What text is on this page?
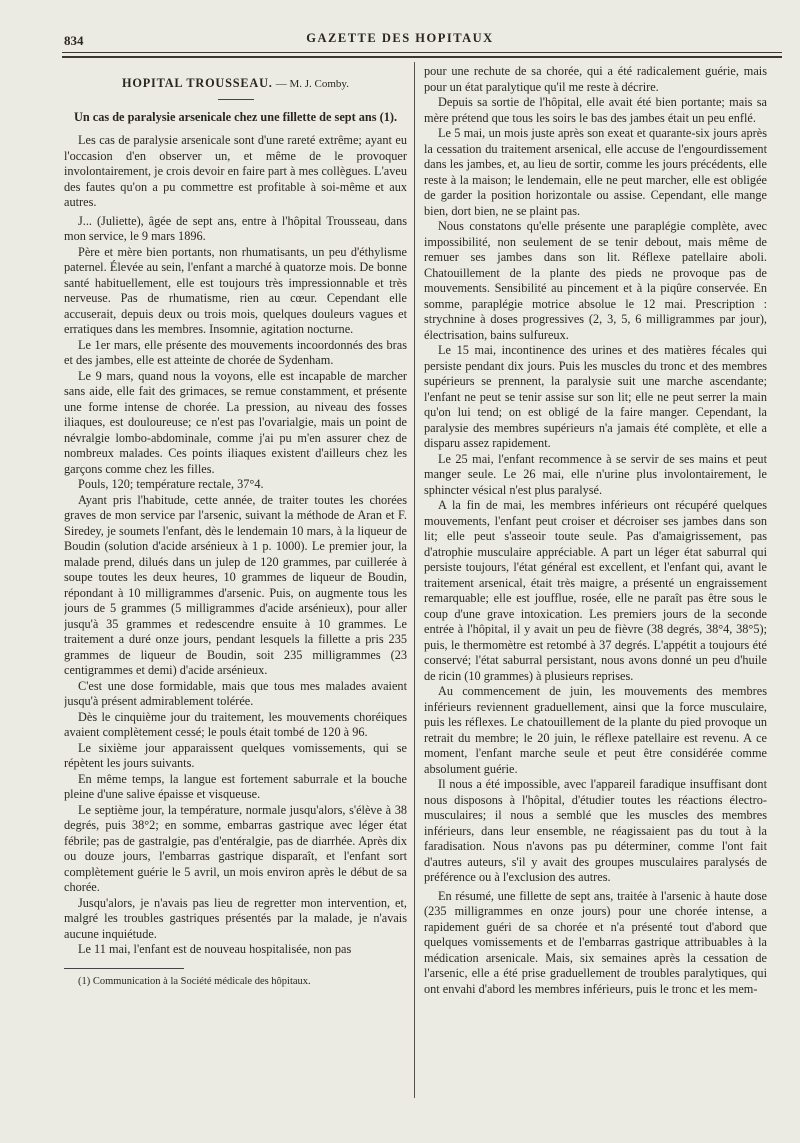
834	GAZETTE DES HOPITAUX

HOPITAL TROUSSEAU. — M. J. Comby.

Un cas de paralysie arsenicale chez une fillette de sept ans (1).

Les cas de paralysie arsenicale sont d'une rareté extrême; ayant eu l'occasion d'en observer un, et même de le provoquer involontairement, je crois devoir en faire part à mes collègues. L'aveu des fautes qu'on a pu commettre est profitable à soi-même et aux autres.

J... (Juliette), âgée de sept ans, entre à l'hôpital Trousseau, dans mon service, le 9 mars 1896.

Père et mère bien portants, non rhumatisants, un peu d'éthylisme paternel. Élevée au sein, l'enfant a marché à quatorze mois. De bonne santé habituellement, elle est toujours très impressionnable et très nerveuse. Pas de rhumatisme, rien au cœur. Cependant elle accuserait, depuis deux ou trois mois, quelques douleurs vagues et erratiques dans les membres. Insomnie, agitation nocturne.

Le 1er mars, elle présente des mouvements incoordonnés des bras et des jambes, elle est atteinte de chorée de Sydenham.

Le 9 mars, quand nous la voyons, elle est incapable de marcher sans aide, elle fait des grimaces, se remue constamment, et présente une forme intense de chorée. La pression, au niveau des fosses iliaques, est douloureuse; ce n'est pas l'ovarialgie, mais un point de névralgie lombo-abdominale, comme j'ai pu m'en assurer chez de nombreux malades. Ces points iliaques existent d'ailleurs chez les garçons comme chez les filles.

Pouls, 120; température rectale, 37°4.

Ayant pris l'habitude, cette année, de traiter toutes les chorées graves de mon service par l'arsenic, suivant la méthode de Aran et F. Siredey, je soumets l'enfant, dès le lendemain 10 mars, à la liqueur de Boudin (solution d'acide arsénieux à 1 p. 1000). Le premier jour, la malade prend, dilués dans un julep de 120 grammes, par cuillerée à soupe toutes les deux heures, 10 grammes de liqueur de Boudin, répondant à 10 milligrammes d'arsenic. Puis, on augmente tous les jours de 5 grammes (5 milligrammes d'acide arsénieux), pour aller jusqu'à 35 grammes et redescendre ensuite à 10 grammes. Le traitement a duré onze jours, pendant lesquels la fillette a pris 235 grammes de liqueur de Boudin, soit 235 milligrammes (23 centigrammes et demi) d'acide arsénieux.

C'est une dose formidable, mais que tous mes malades avaient jusqu'à présent admirablement tolérée.

Dès le cinquième jour du traitement, les mouvements choréiques avaient complètement cessé; le pouls était tombé de 120 à 96.

Le sixième jour apparaissent quelques vomissements, qui se répètent les jours suivants.

En même temps, la langue est fortement saburrale et la bouche pleine d'une salive épaisse et visqueuse.

Le septième jour, la température, normale jusqu'alors, s'élève à 38 degrés, puis 38°2; en somme, embarras gastrique avec léger état fébrile; pas de gastralgie, pas d'entéralgie, pas de diarrhée. Après dix ou douze jours, l'embarras gastrique disparaît, et l'enfant sort complètement guérie le 5 avril, un mois environ après le début de sa chorée.

Jusqu'alors, je n'avais pas lieu de regretter mon intervention, et, malgré les troubles gastriques présentés par la malade, je n'avais aucune inquiétude.

Le 11 mai, l'enfant est de nouveau hospitalisée, non pas

(1) Communication à la Société médicale des hôpitaux.

pour une rechute de sa chorée, qui a été radicalement guérie, mais pour un état paralytique qu'il me reste à décrire.

Depuis sa sortie de l'hôpital, elle avait été bien portante; mais sa mère prétend que tous les soirs le bas des jambes était un peu enflé.

Le 5 mai, un mois juste après son exeat et quarante-six jours après la cessation du traitement arsenical, elle accuse de l'engourdissement dans les jambes, et, au lieu de sortir, comme les jours précédents, elle reste à la maison; le lendemain, elle ne peut marcher, elle est obligée de garder la position horizontale ou assise. Cependant, elle mange bien, dort bien, ne se plaint pas.

Nous constatons qu'elle présente une paraplégie complète, avec impossibilité, non seulement de se tenir debout, mais même de remuer ses jambes dans son lit. Réflexe patellaire aboli. Chatouillement de la plante des pieds ne provoque pas de mouvements. Sensibilité au pincement et à la piqûre conservée. En somme, paraplégie motrice absolue le 12 mai. Prescription : strychnine à doses progressives (2, 3, 5, 6 milligrammes par jour), électrisation, bains sulfureux.

Le 15 mai, incontinence des urines et des matières fécales qui persiste pendant dix jours. Puis les muscles du tronc et des membres supérieurs se prennent, la paralysie suit une marche ascendante; l'enfant ne peut se tenir assise sur son lit; elle ne peut serrer la main qu'on lui tend; on est obligé de la faire manger. Cependant, la paralysie des membres supérieurs n'a jamais été complète, et elle a disparu assez rapidement.

Le 25 mai, l'enfant recommence à se servir de ses mains et peut manger seule. Le 26 mai, elle n'urine plus involontairement, le sphincter vésical n'est plus paralysé.

A la fin de mai, les membres inférieurs ont récupéré quelques mouvements, l'enfant peut croiser et décroiser ses jambes dans son lit; elle peut s'asseoir toute seule. Pas d'amaigrissement, pas d'atrophie musculaire appréciable. A part un léger état saburral qui persiste toujours, l'état général est excellent, et l'enfant qui, avant le traitement arsenical, était très maigre, a présenté un engraissement remarquable; elle est joufflue, rosée, elle ne paraît pas être sous le coup d'une grave intoxication. Les premiers jours de la seconde entrée à l'hôpital, il y avait un peu de fièvre (38 degrés, 38°4, 38°5); puis, le thermomètre est retombé à 37 degrés. L'appétit a toujours été conservé; l'état saburral persistant, nous avons donné un peu d'huile de ricin (10 grammes) à plusieurs reprises.

Au commencement de juin, les mouvements des membres inférieurs reviennent graduellement, ainsi que la force musculaire, puis les réflexes. Le chatouillement de la plante du pied provoque un retrait du membre; le 20 juin, le réflexe patellaire est revenu. A ce moment, l'enfant marche seule et peut être considérée comme absolument guérie.

Il nous a été impossible, avec l'appareil faradique insuffisant dont nous disposons à l'hôpital, d'étudier toutes les réactions électro-musculaires; il nous a semblé que les muscles des membres inférieurs, dans leur ensemble, ne réagissaient pas du tout à la faradisation. Nous n'avons pas pu déterminer, comme l'ont fait d'autres auteurs, s'il y avait des groupes musculaires paralysés de préférence ou à l'exclusion des autres.

En résumé, une fillette de sept ans, traitée à l'arsenic à haute dose (235 milligrammes en onze jours) pour une chorée intense, a rapidement guéri de sa chorée et n'a présenté tout d'abord que quelques vomissements et de l'embarras gastrique attribuables à la médication arsenicale. Mais, six semaines après la cessation de l'arsenic, elle a été prise graduellement de troubles paralytiques, qui ont envahi d'abord les membres inférieurs, puis le tronc et les mem-
